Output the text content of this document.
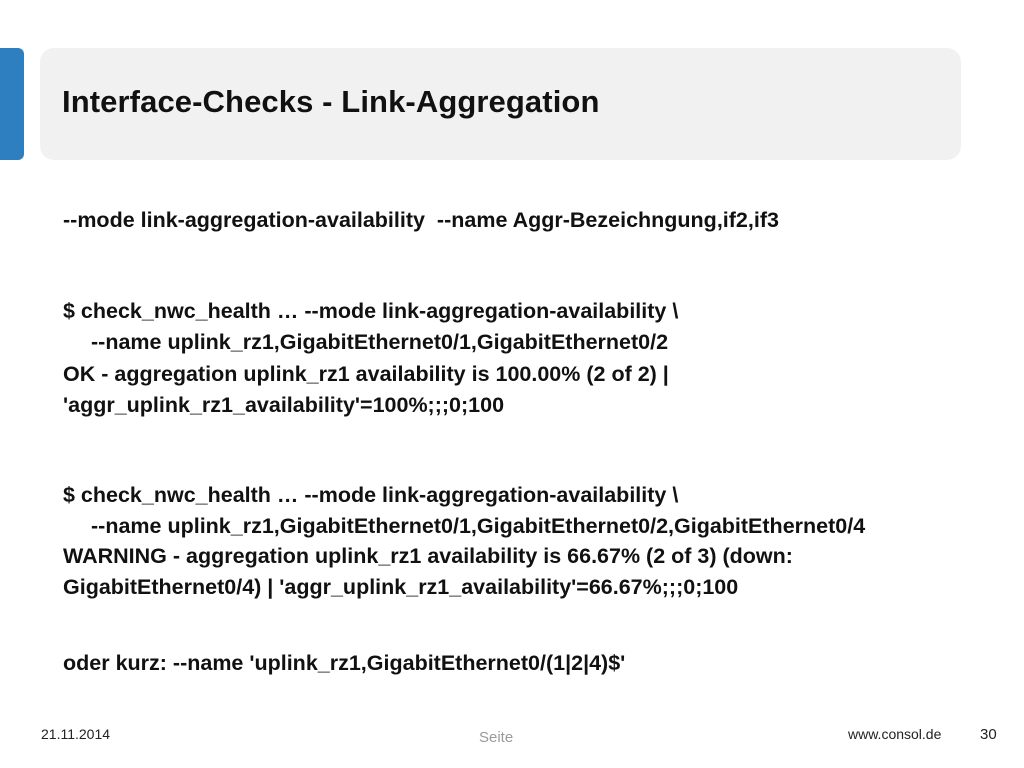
Interface-Checks - Link-Aggregation

--mode link-aggregation-availability  --name Aggr-Bezeichngung,if2,if3

$ check_nwc_health … --mode link-aggregation-availability \

--name uplink_rz1,GigabitEthernet0/1,GigabitEthernet0/2

OK - aggregation uplink_rz1 availability is 100.00% (2 of 2) |

'aggr_uplink_rz1_availability'=100%;;;0;100

$ check_nwc_health … --mode link-aggregation-availability \

--name uplink_rz1,GigabitEthernet0/1,GigabitEthernet0/2,GigabitEthernet0/4

WARNING - aggregation uplink_rz1 availability is 66.67% (2 of 3) (down:

GigabitEthernet0/4) | 'aggr_uplink_rz1_availability'=66.67%;;;0;100

oder kurz: --name 'uplink_rz1,GigabitEthernet0/(1|2|4)$'

21.11.2014	Seite	www.consol.de	30
